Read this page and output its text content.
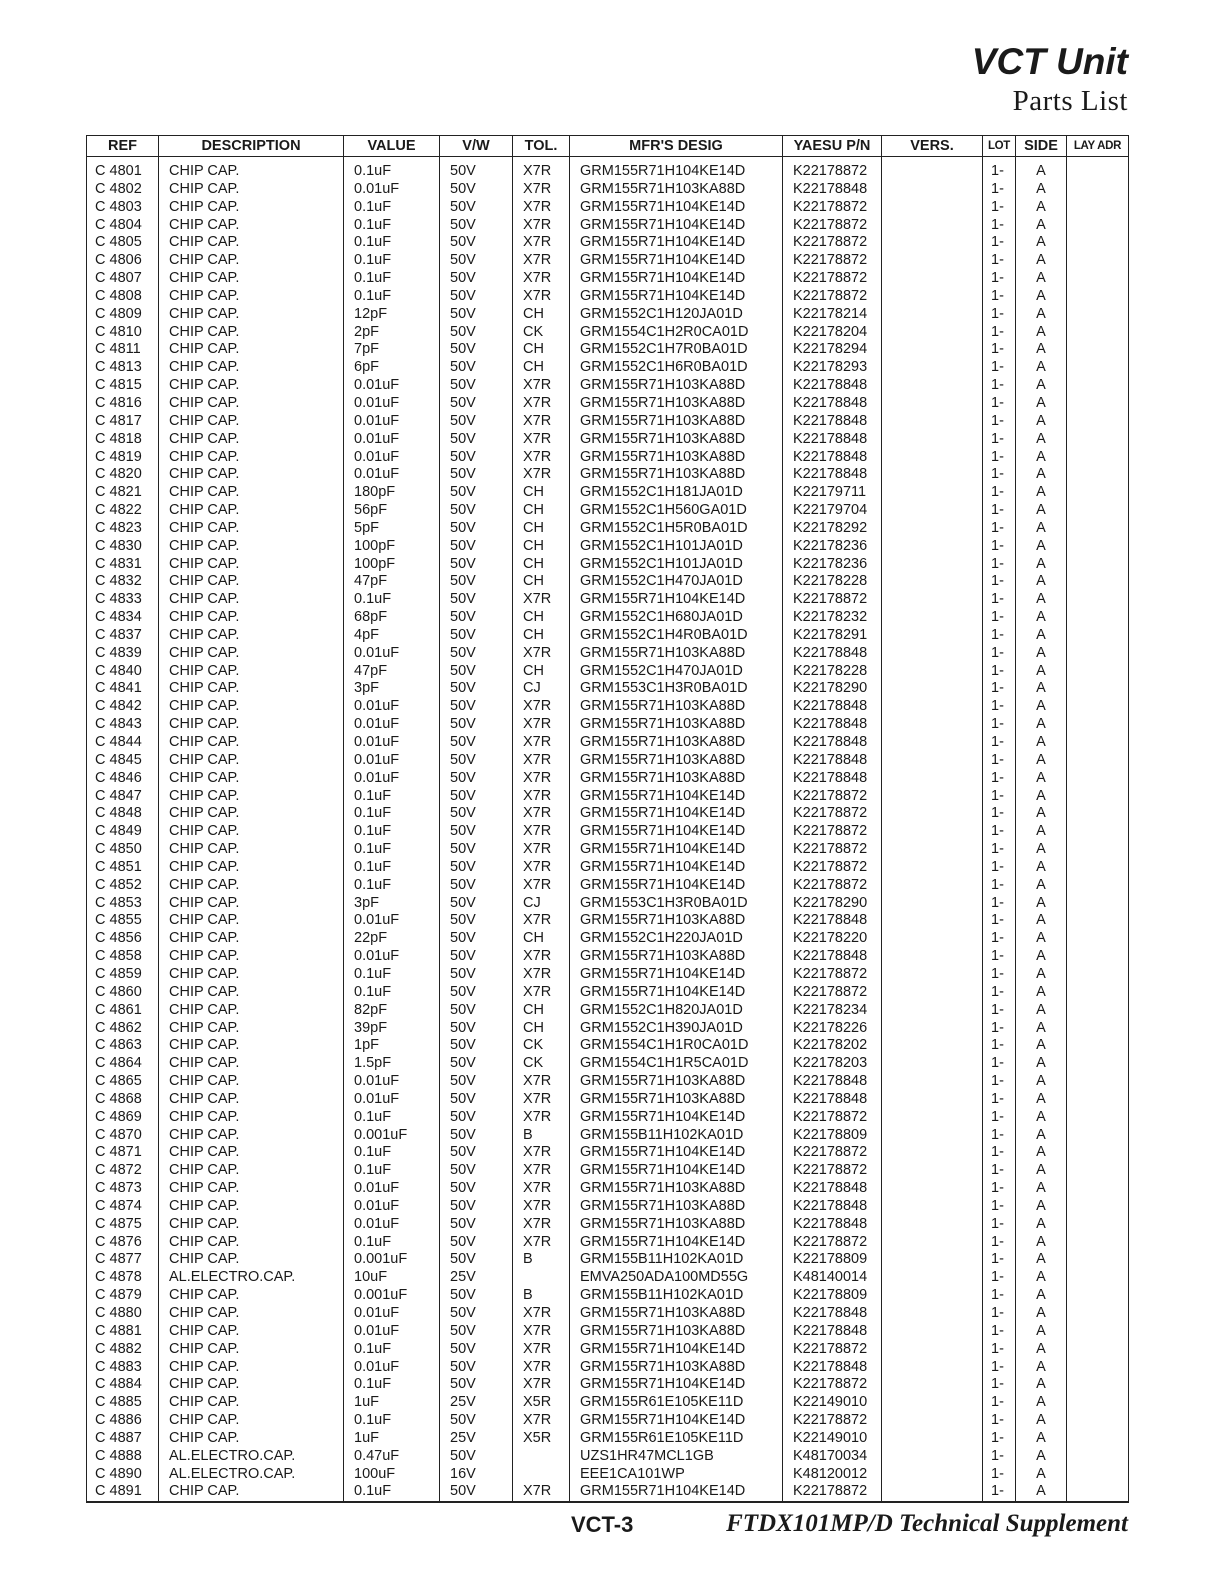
VCT Unit
Parts List
REF	DESCRIPTION	VALUE	V/W	TOL.	MFR'S DESIG	YAESU P/N	VERS.	LOT	SIDE	LAY ADR
C 4801	CHIP CAP.	0.1uF	50V	X7R	GRM155R71H104KE14D	K22178872		1-	A	
C 4802	CHIP CAP.	0.01uF	50V	X7R	GRM155R71H103KA88D	K22178848		1-	A	
C 4803	CHIP CAP.	0.1uF	50V	X7R	GRM155R71H104KE14D	K22178872		1-	A	
C 4804	CHIP CAP.	0.1uF	50V	X7R	GRM155R71H104KE14D	K22178872		1-	A	
C 4805	CHIP CAP.	0.1uF	50V	X7R	GRM155R71H104KE14D	K22178872		1-	A	
C 4806	CHIP CAP.	0.1uF	50V	X7R	GRM155R71H104KE14D	K22178872		1-	A	
C 4807	CHIP CAP.	0.1uF	50V	X7R	GRM155R71H104KE14D	K22178872		1-	A	
C 4808	CHIP CAP.	0.1uF	50V	X7R	GRM155R71H104KE14D	K22178872		1-	A	
C 4809	CHIP CAP.	12pF	50V	CH	GRM1552C1H120JA01D	K22178214		1-	A	
C 4810	CHIP CAP.	2pF	50V	CK	GRM1554C1H2R0CA01D	K22178204		1-	A	
C 4811	CHIP CAP.	7pF	50V	CH	GRM1552C1H7R0BA01D	K22178294		1-	A	
C 4813	CHIP CAP.	6pF	50V	CH	GRM1552C1H6R0BA01D	K22178293		1-	A	
C 4815	CHIP CAP.	0.01uF	50V	X7R	GRM155R71H103KA88D	K22178848		1-	A	
C 4816	CHIP CAP.	0.01uF	50V	X7R	GRM155R71H103KA88D	K22178848		1-	A	
C 4817	CHIP CAP.	0.01uF	50V	X7R	GRM155R71H103KA88D	K22178848		1-	A	
C 4818	CHIP CAP.	0.01uF	50V	X7R	GRM155R71H103KA88D	K22178848		1-	A	
C 4819	CHIP CAP.	0.01uF	50V	X7R	GRM155R71H103KA88D	K22178848		1-	A	
C 4820	CHIP CAP.	0.01uF	50V	X7R	GRM155R71H103KA88D	K22178848		1-	A	
C 4821	CHIP CAP.	180pF	50V	CH	GRM1552C1H181JA01D	K22179711		1-	A	
C 4822	CHIP CAP.	56pF	50V	CH	GRM1552C1H560GA01D	K22179704		1-	A	
C 4823	CHIP CAP.	5pF	50V	CH	GRM1552C1H5R0BA01D	K22178292		1-	A	
C 4830	CHIP CAP.	100pF	50V	CH	GRM1552C1H101JA01D	K22178236		1-	A	
C 4831	CHIP CAP.	100pF	50V	CH	GRM1552C1H101JA01D	K22178236		1-	A	
C 4832	CHIP CAP.	47pF	50V	CH	GRM1552C1H470JA01D	K22178228		1-	A	
C 4833	CHIP CAP.	0.1uF	50V	X7R	GRM155R71H104KE14D	K22178872		1-	A	
C 4834	CHIP CAP.	68pF	50V	CH	GRM1552C1H680JA01D	K22178232		1-	A	
C 4837	CHIP CAP.	4pF	50V	CH	GRM1552C1H4R0BA01D	K22178291		1-	A	
C 4839	CHIP CAP.	0.01uF	50V	X7R	GRM155R71H103KA88D	K22178848		1-	A	
C 4840	CHIP CAP.	47pF	50V	CH	GRM1552C1H470JA01D	K22178228		1-	A	
C 4841	CHIP CAP.	3pF	50V	CJ	GRM1553C1H3R0BA01D	K22178290		1-	A	
C 4842	CHIP CAP.	0.01uF	50V	X7R	GRM155R71H103KA88D	K22178848		1-	A	
C 4843	CHIP CAP.	0.01uF	50V	X7R	GRM155R71H103KA88D	K22178848		1-	A	
C 4844	CHIP CAP.	0.01uF	50V	X7R	GRM155R71H103KA88D	K22178848		1-	A	
C 4845	CHIP CAP.	0.01uF	50V	X7R	GRM155R71H103KA88D	K22178848		1-	A	
C 4846	CHIP CAP.	0.01uF	50V	X7R	GRM155R71H103KA88D	K22178848		1-	A	
C 4847	CHIP CAP.	0.1uF	50V	X7R	GRM155R71H104KE14D	K22178872		1-	A	
C 4848	CHIP CAP.	0.1uF	50V	X7R	GRM155R71H104KE14D	K22178872		1-	A	
C 4849	CHIP CAP.	0.1uF	50V	X7R	GRM155R71H104KE14D	K22178872		1-	A	
C 4850	CHIP CAP.	0.1uF	50V	X7R	GRM155R71H104KE14D	K22178872		1-	A	
C 4851	CHIP CAP.	0.1uF	50V	X7R	GRM155R71H104KE14D	K22178872		1-	A	
C 4852	CHIP CAP.	0.1uF	50V	X7R	GRM155R71H104KE14D	K22178872		1-	A	
C 4853	CHIP CAP.	3pF	50V	CJ	GRM1553C1H3R0BA01D	K22178290		1-	A	
C 4855	CHIP CAP.	0.01uF	50V	X7R	GRM155R71H103KA88D	K22178848		1-	A	
C 4856	CHIP CAP.	22pF	50V	CH	GRM1552C1H220JA01D	K22178220		1-	A	
C 4858	CHIP CAP.	0.01uF	50V	X7R	GRM155R71H103KA88D	K22178848		1-	A	
C 4859	CHIP CAP.	0.1uF	50V	X7R	GRM155R71H104KE14D	K22178872		1-	A	
C 4860	CHIP CAP.	0.1uF	50V	X7R	GRM155R71H104KE14D	K22178872		1-	A	
C 4861	CHIP CAP.	82pF	50V	CH	GRM1552C1H820JA01D	K22178234		1-	A	
C 4862	CHIP CAP.	39pF	50V	CH	GRM1552C1H390JA01D	K22178226		1-	A	
C 4863	CHIP CAP.	1pF	50V	CK	GRM1554C1H1R0CA01D	K22178202		1-	A	
C 4864	CHIP CAP.	1.5pF	50V	CK	GRM1554C1H1R5CA01D	K22178203		1-	A	
C 4865	CHIP CAP.	0.01uF	50V	X7R	GRM155R71H103KA88D	K22178848		1-	A	
C 4868	CHIP CAP.	0.01uF	50V	X7R	GRM155R71H103KA88D	K22178848		1-	A	
C 4869	CHIP CAP.	0.1uF	50V	X7R	GRM155R71H104KE14D	K22178872		1-	A	
C 4870	CHIP CAP.	0.001uF	50V	B	GRM155B11H102KA01D	K22178809		1-	A	
C 4871	CHIP CAP.	0.1uF	50V	X7R	GRM155R71H104KE14D	K22178872		1-	A	
C 4872	CHIP CAP.	0.1uF	50V	X7R	GRM155R71H104KE14D	K22178872		1-	A	
C 4873	CHIP CAP.	0.01uF	50V	X7R	GRM155R71H103KA88D	K22178848		1-	A	
C 4874	CHIP CAP.	0.01uF	50V	X7R	GRM155R71H103KA88D	K22178848		1-	A	
C 4875	CHIP CAP.	0.01uF	50V	X7R	GRM155R71H103KA88D	K22178848		1-	A	
C 4876	CHIP CAP.	0.1uF	50V	X7R	GRM155R71H104KE14D	K22178872		1-	A	
C 4877	CHIP CAP.	0.001uF	50V	B	GRM155B11H102KA01D	K22178809		1-	A	
C 4878	AL.ELECTRO.CAP.	10uF	25V		EMVA250ADA100MD55G	K48140014		1-	A	
C 4879	CHIP CAP.	0.001uF	50V	B	GRM155B11H102KA01D	K22178809		1-	A	
C 4880	CHIP CAP.	0.01uF	50V	X7R	GRM155R71H103KA88D	K22178848		1-	A	
C 4881	CHIP CAP.	0.01uF	50V	X7R	GRM155R71H103KA88D	K22178848		1-	A	
C 4882	CHIP CAP.	0.1uF	50V	X7R	GRM155R71H104KE14D	K22178872		1-	A	
C 4883	CHIP CAP.	0.01uF	50V	X7R	GRM155R71H103KA88D	K22178848		1-	A	
C 4884	CHIP CAP.	0.1uF	50V	X7R	GRM155R71H104KE14D	K22178872		1-	A	
C 4885	CHIP CAP.	1uF	25V	X5R	GRM155R61E105KE11D	K22149010		1-	A	
C 4886	CHIP CAP.	0.1uF	50V	X7R	GRM155R71H104KE14D	K22178872		1-	A	
C 4887	CHIP CAP.	1uF	25V	X5R	GRM155R61E105KE11D	K22149010		1-	A	
C 4888	AL.ELECTRO.CAP.	0.47uF	50V		UZS1HR47MCL1GB	K48170034		1-	A	
C 4890	AL.ELECTRO.CAP.	100uF	16V		EEE1CA101WP	K48120012		1-	A	
C 4891	CHIP CAP.	0.1uF	50V	X7R	GRM155R71H104KE14D	K22178872		1-	A	
VCT-3	FTDX101MP/D Technical Supplement
